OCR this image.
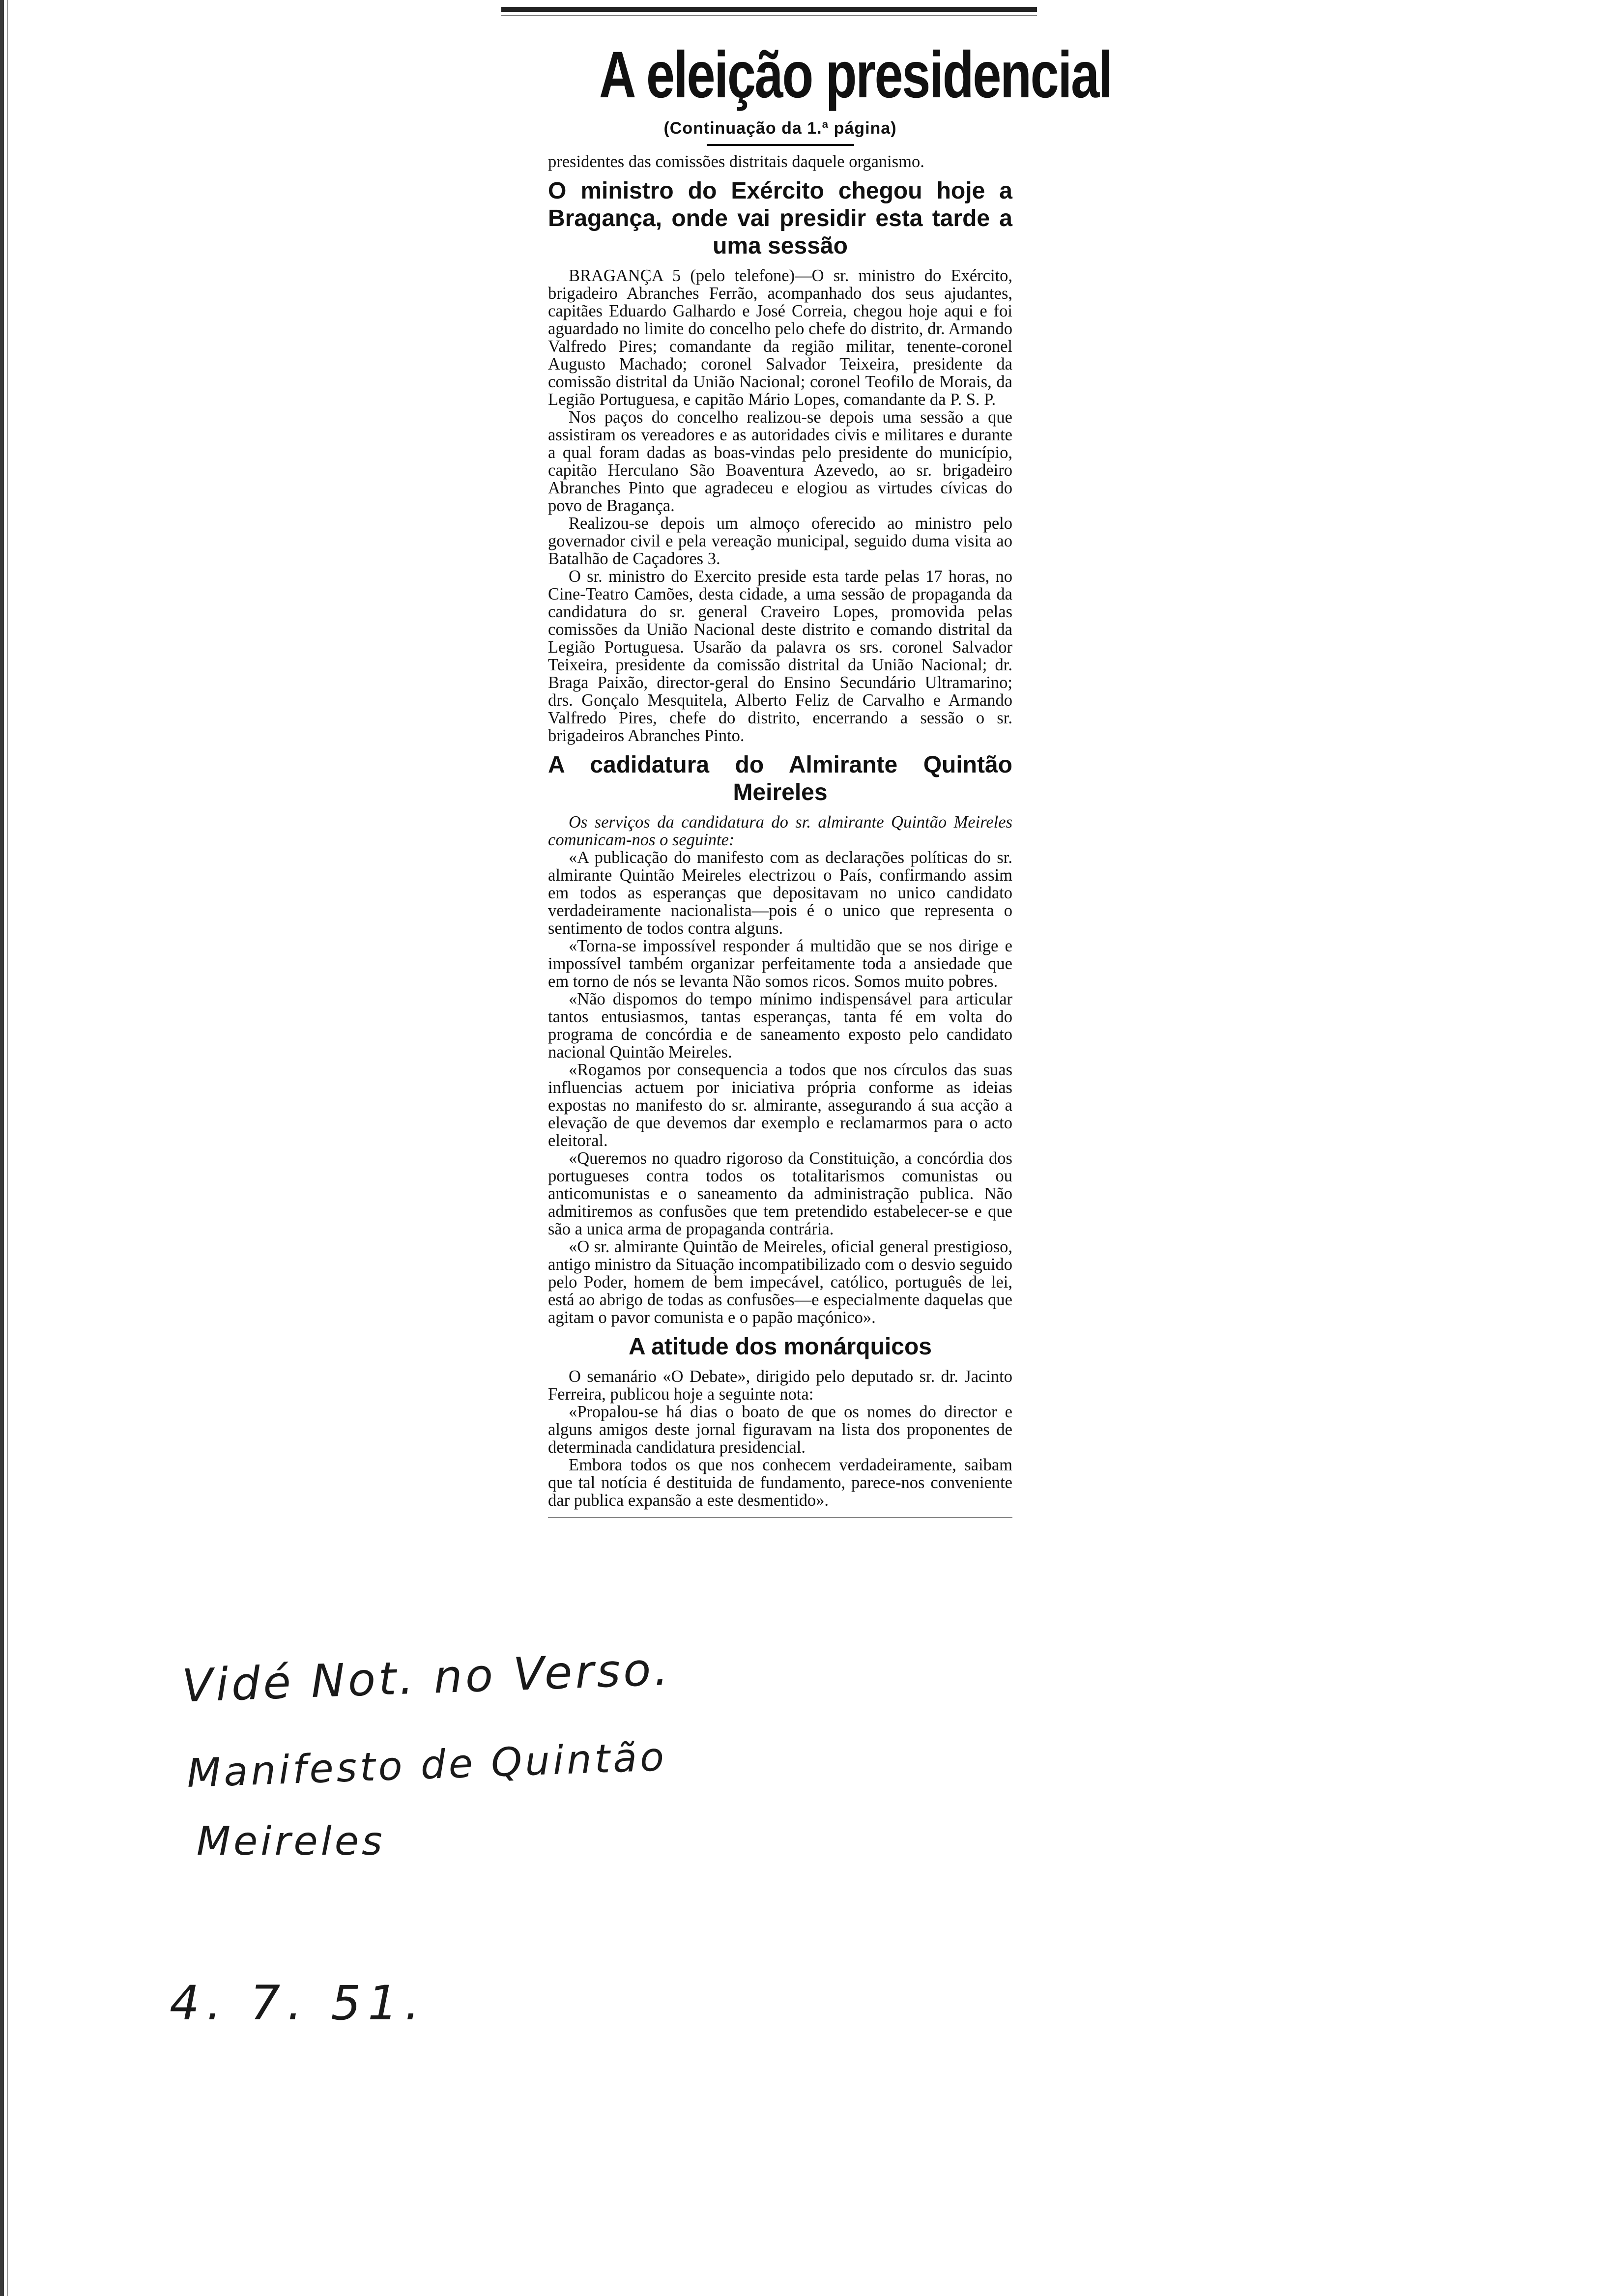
A eleição presidencial
(Continuação da 1.ª página)

presidentes das comissões distritais daquele organismo.

O ministro do Exército chegou hoje a Bragança, onde vai presidir esta tarde a uma sessão

BRAGANÇA 5 (pelo telefone)—O sr. ministro do Exército, brigadeiro Abranches Ferrão, acompanhado dos seus ajudantes, capitães Eduardo Galhardo e José Correia, chegou hoje aqui e foi aguardado no limite do concelho pelo chefe do distrito, dr. Armando Valfredo Pires; comandante da região militar, tenente-coronel Augusto Machado; coronel Salvador Teixeira, presidente da comissão distrital da União Nacional; coronel Teofilo de Morais, da Legião Portuguesa, e capitão Mário Lopes, comandante da P. S. P.

Nos paços do concelho realizou-se depois uma sessão a que assistiram os vereadores e as autoridades civis e militares e durante a qual foram dadas as boas-vindas pelo presidente do município, capitão Herculano São Boaventura Azevedo, ao sr. brigadeiro Abranches Pinto que agradeceu e elogiou as virtudes cívicas do povo de Bragança.

Realizou-se depois um almoço oferecido ao ministro pelo governador civil e pela vereação municipal, seguido duma visita ao Batalhão de Caçadores 3.

O sr. ministro do Exercito preside esta tarde pelas 17 horas, no Cine-Teatro Camões, desta cidade, a uma sessão de propaganda da candidatura do sr. general Craveiro Lopes, promovida pelas comissões da União Nacional deste distrito e comando distrital da Legião Portuguesa. Usarão da palavra os srs. coronel Salvador Teixeira, presidente da comissão distrital da União Nacional; dr. Braga Paixão, director-geral do Ensino Secundário Ultramarino; drs. Gonçalo Mesquitela, Alberto Feliz de Carvalho e Armando Valfredo Pires, chefe do distrito, encerrando a sessão o sr. brigadeiros Abranches Pinto.

A cadidatura do Almirante Quintão Meireles

Os serviços da candidatura do sr. almirante Quintão Meireles comunicam-nos o seguinte:

«A publicação do manifesto com as declarações políticas do sr. almirante Quintão Meireles electrizou o País, confirmando assim em todos as esperanças que depositavam no unico candidato verdadeiramente nacionalista—pois é o unico que representa o sentimento de todos contra alguns.

«Torna-se impossível responder á multidão que se nos dirige e impossível também organizar perfeitamente toda a ansiedade que em torno de nós se levanta Não somos ricos. Somos muito pobres.

«Não dispomos do tempo mínimo indispensável para articular tantos entusiasmos, tantas esperanças, tanta fé em volta do programa de concórdia e de saneamento exposto pelo candidato nacional Quintão Meireles.

«Rogamos por consequencia a todos que nos círculos das suas influencias actuem por iniciativa própria conforme as ideias expostas no manifesto do sr. almirante, assegurando á sua acção a elevação de que devemos dar exemplo e reclamarmos para o acto eleitoral.

«Queremos no quadro rigoroso da Constituição, a concórdia dos portugueses contra todos os totalitarismos comunistas ou anticomunistas e o saneamento da administração publica. Não admitiremos as confusões que tem pretendido estabelecer-se e que são a unica arma de propaganda contrária.

«O sr. almirante Quintão de Meireles, oficial general prestigioso, antigo ministro da Situação incompatibilizado com o desvio seguido pelo Poder, homem de bem impecável, católico, português de lei, está ao abrigo de todas as confusões—e especialmente daquelas que agitam o pavor comunista e o papão maçónico».

A atitude dos monárquicos

O semanário «O Debate», dirigido pelo deputado sr. dr. Jacinto Ferreira, publicou hoje a seguinte nota:

«Propalou-se há dias o boato de que os nomes do director e alguns amigos deste jornal figuravam na lista dos proponentes de determinada candidatura presidencial.

Embora todos os que nos conhecem verdadeiramente, saibam que tal notícia é destituida de fundamento, parece-nos conveniente dar publica expansão a este desmentido».

Vidé Not. no Verso.
Manifesto de Quintão
Meireles
4. 7. 51.
